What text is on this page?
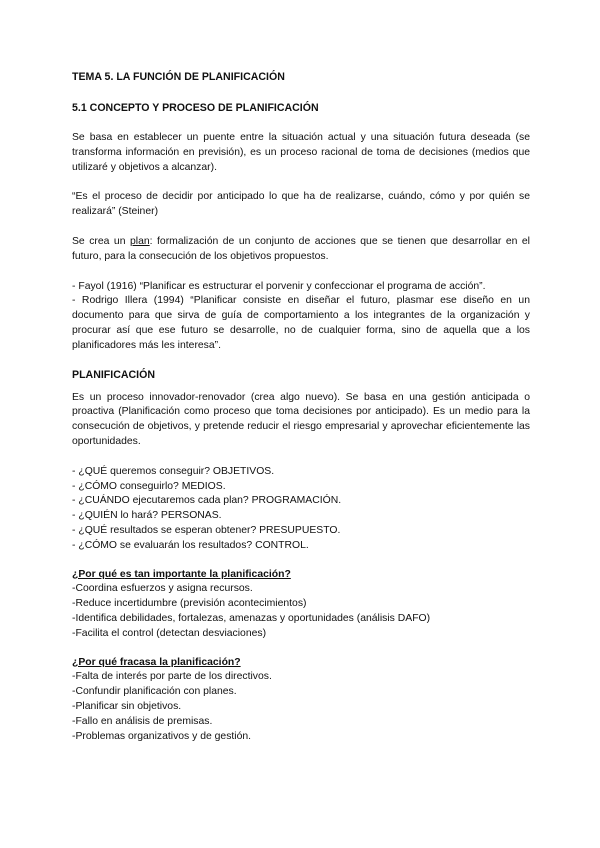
TEMA 5. LA FUNCIÓN DE PLANIFICACIÓN
5.1 CONCEPTO Y PROCESO DE PLANIFICACIÓN

Se basa en establecer un puente entre la situación actual y una situación futura deseada (se transforma información en previsión), es un proceso racional de toma de decisiones (medios que utilizaré y objetivos a alcanzar).

“Es el proceso de decidir por anticipado lo que ha de realizarse, cuándo, cómo y por quién se realizará” (Steiner)

Se crea un plan: formalización de un conjunto de acciones que se tienen que desarrollar en el futuro, para la consecución de los objetivos propuestos.

- Fayol (1916) “Planificar es estructurar el porvenir y confeccionar el programa de acción”.
- Rodrigo Illera (1994) “Planificar consiste en diseñar el futuro, plasmar ese diseño en un documento para que sirva de guía de comportamiento a los integrantes de la organización y procurar así que ese futuro se desarrolle, no de cualquier forma, sino de aquella que a los planificadores más les interesa”.
PLANIFICACIÓN

Es un proceso innovador-renovador (crea algo nuevo). Se basa en una gestión anticipada o proactiva (Planificación como proceso que toma decisiones por anticipado). Es un medio para la consecución de objetivos, y pretende reducir el riesgo empresarial y aprovechar eficientemente las oportunidades.

- ¿QUÉ queremos conseguir? OBJETIVOS.
- ¿CÓMO conseguirlo? MEDIOS.
- ¿CUÁNDO ejecutaremos cada plan? PROGRAMACIÓN.
- ¿QUIÉN lo hará? PERSONAS.
- ¿QUÉ resultados se esperan obtener? PRESUPUESTO.
- ¿CÓMO se evaluarán los resultados? CONTROL.
¿Por qué es tan importante la planificación?
-Coordina esfuerzos y asigna recursos.
-Reduce incertidumbre (previsión acontecimientos)
-Identifica debilidades, fortalezas, amenazas y oportunidades (análisis DAFO)
-Facilita el control (detectan desviaciones)
¿Por qué fracasa la planificación?
-Falta de interés por parte de los directivos.
-Confundir planificación con planes.
-Planificar sin objetivos.
-Fallo en análisis de premisas.
-Problemas organizativos y de gestión.
